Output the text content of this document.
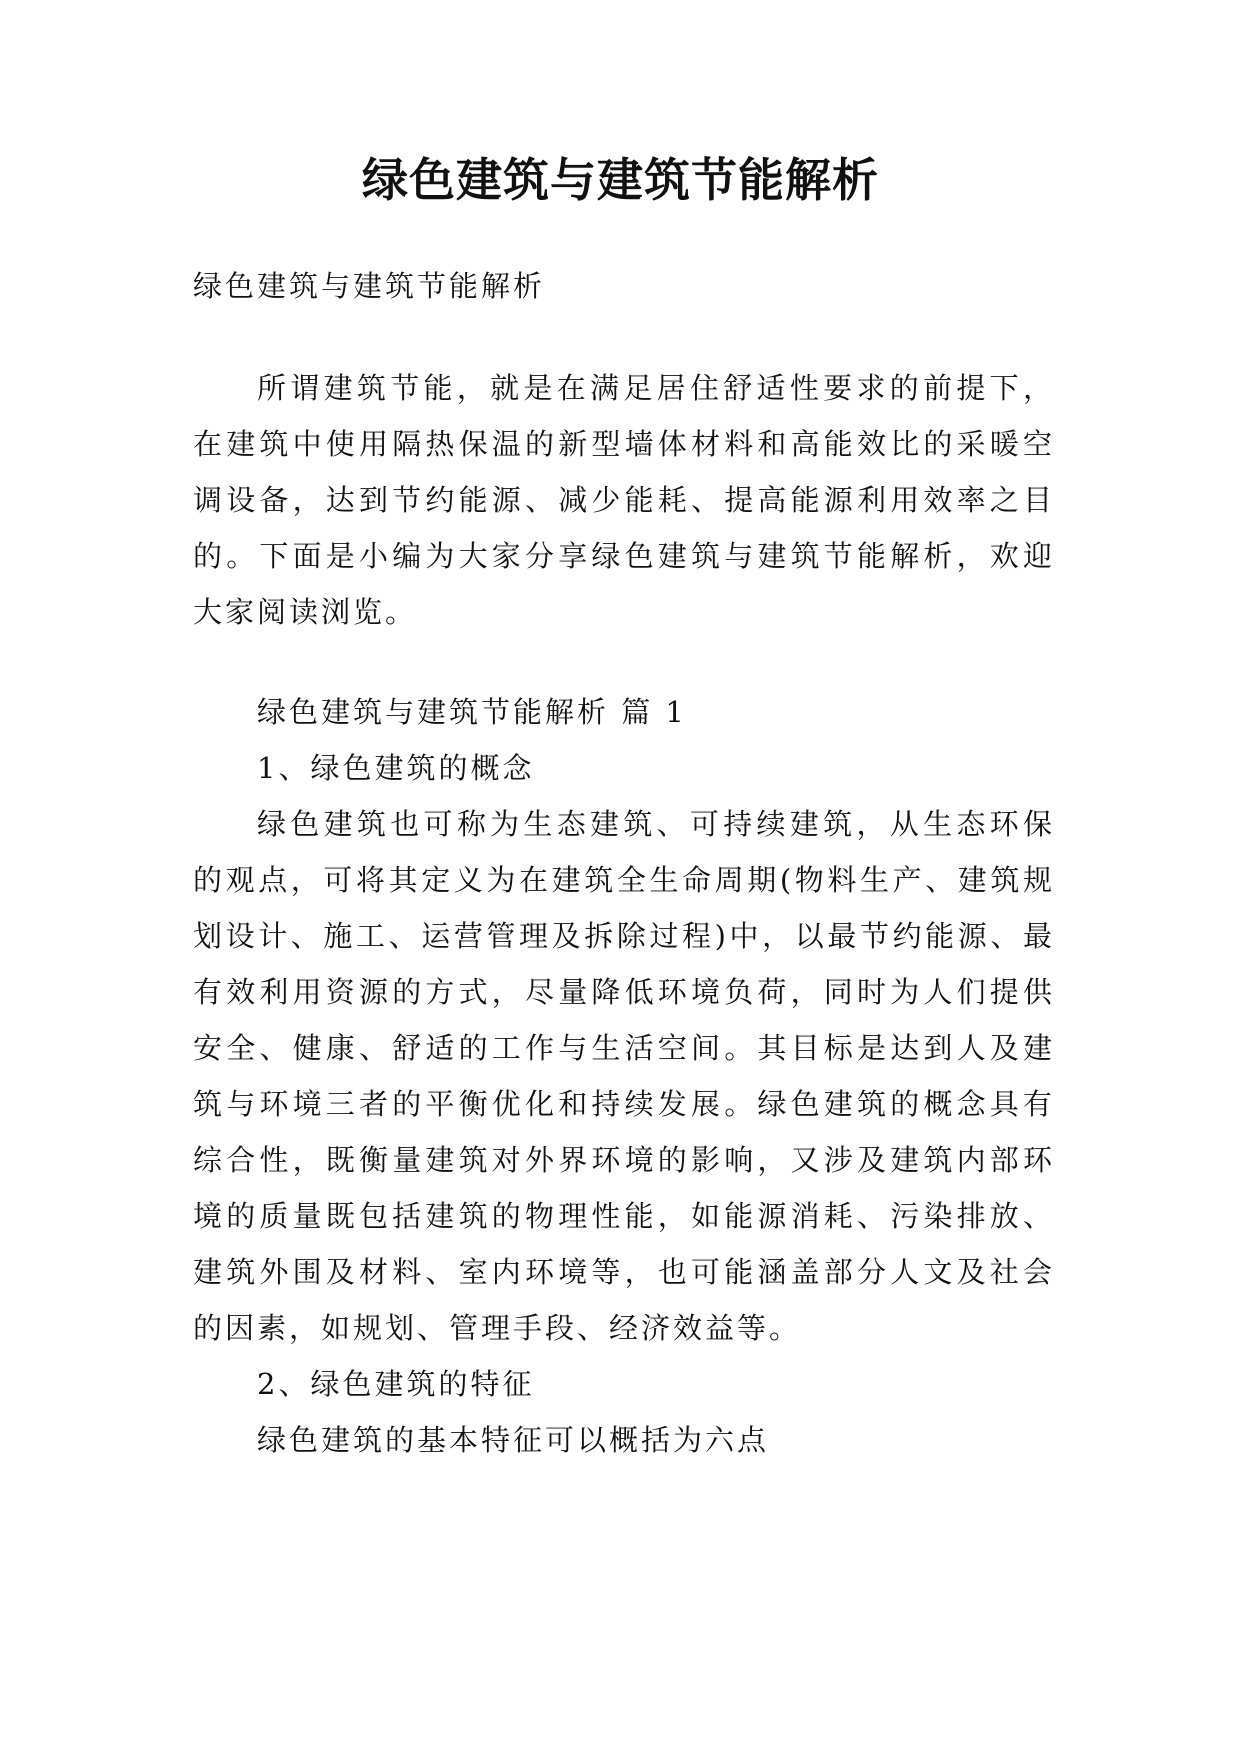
绿色建筑与建筑节能解析

绿色建筑与建筑节能解析

所谓建筑节能，就是在满足居住舒适性要求的前提下，在建筑中使用隔热保温的新型墙体材料和高能效比的采暖空调设备，达到节约能源、减少能耗、提高能源利用效率之目的。下面是小编为大家分享绿色建筑与建筑节能解析，欢迎大家阅读浏览。

绿色建筑与建筑节能解析 篇 1

1、绿色建筑的概念

绿色建筑也可称为生态建筑、可持续建筑，从生态环保的观点，可将其定义为在建筑全生命周期(物料生产、建筑规划设计、施工、运营管理及拆除过程)中，以最节约能源、最有效利用资源的方式，尽量降低环境负荷，同时为人们提供安全、健康、舒适的工作与生活空间。其目标是达到人及建筑与环境三者的平衡优化和持续发展。绿色建筑的概念具有综合性，既衡量建筑对外界环境的影响，又涉及建筑内部环境的质量既包括建筑的物理性能，如能源消耗、污染排放、建筑外围及材料、室内环境等，也可能涵盖部分人文及社会的因素，如规划、管理手段、经济效益等。

2、绿色建筑的特征

绿色建筑的基本特征可以概括为六点
